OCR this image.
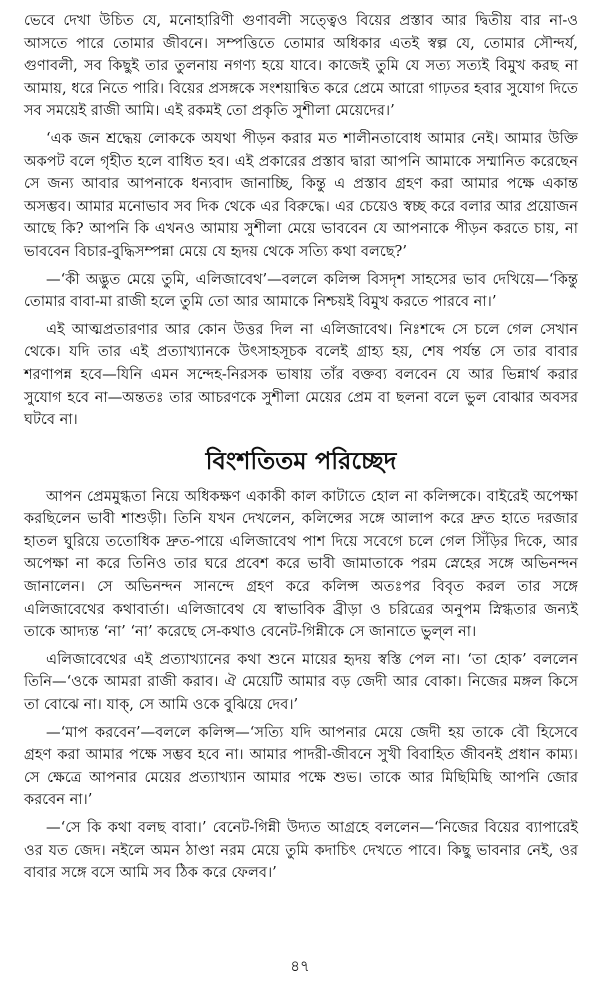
ভেবে দেখা উচিত যে, মনোহারিণী গুণাবলী সত্ত্বেও বিয়ের প্রস্তাব আর দ্বিতীয় বার না-ও আসতে পারে তোমার জীবনে। সম্পত্তিতে তোমার অধিকার এতই স্বল্প যে, তোমার সৌন্দর্য, গুণাবলী, সব কিছুই তার তুলনায় নগণ্য হয়ে যাবে। কাজেই তুমি যে সত্য সত্যই বিমুখ করছ না আমায়, ধরে নিতে পারি। বিয়ের প্রসঙ্গকে সংশয়ান্বিত করে প্রেমে আরো গাঢ়তর হবার সুযোগ দিতে সব সময়েই রাজী আমি। এই রকমই তো প্রকৃতি সুশীলা মেয়েদের।’

‘এক জন শ্রদ্ধেয় লোককে অযথা পীড়ন করার মত শালীনতাবোধ আমার নেই। আমার উক্তি অকপট বলে গৃহীত হলে বাধিত হব। এই প্রকারের প্রস্তাব দ্বারা আপনি আমাকে সম্মানিত করেছেন সে জন্য আবার আপনাকে ধন্যবাদ জানাচ্ছি, কিন্তু এ প্রস্তাব গ্রহণ করা আমার পক্ষে একান্ত অসম্ভব। আমার মনোভাব সব দিক থেকে এর বিরুদ্ধে। এর চেয়েও স্বচ্ছ করে বলার আর প্রয়োজন আছে কি? আপনি কি এখনও আমায় সুশীলা মেয়ে ভাববেন যে আপনাকে পীড়ন করতে চায়, না ভাববেন বিচার-বুদ্ধিসম্পন্না মেয়ে যে হৃদয় থেকে সত্যি কথা বলছে?’

—‘কী অদ্ভুত মেয়ে তুমি, এলিজাবেথ’—বললে কলিন্স বিসদৃশ সাহসের ভাব দেখিয়ে—‘কিন্তু তোমার বাবা-মা রাজী হলে তুমি তো আর আমাকে নিশ্চয়ই বিমুখ করতে পারবে না।’

এই আত্মপ্রতারণার আর কোন উত্তর দিল না এলিজাবেথ। নিঃশব্দে সে চলে গেল সেখান থেকে। যদি তার এই প্রত্যাখ্যানকে উৎসাহসূচক বলেই গ্রাহ্য হয়, শেষ পর্যন্ত সে তার বাবার শরণাপন্ন হবে—যিনি এমন সন্দেহ-নিরসক ভাষায় তাঁর বক্তব্য বলবেন যে আর ভিন্নার্থ করার সুযোগ হবে না—অন্ততঃ তার আচরণকে সুশীলা মেয়ের প্রেম বা ছলনা বলে ভুল বোঝার অবসর ঘটবে না।

বিংশতিতম পরিচ্ছেদ

আপন প্রেমমুগ্ধতা নিয়ে অধিকক্ষণ একাকী কাল কাটাতে হোল না কলিন্সকে। বাইরেই অপেক্ষা করছিলেন ভাবী শাশুড়ী। তিনি যখন দেখলেন, কলিন্সের সঙ্গে আলাপ করে দ্রুত হাতে দরজার হাতল ঘুরিয়ে ততোধিক দ্রুত-পায়ে এলিজাবেথ পাশ দিয়ে সবেগে চলে গেল সিঁড়ির দিকে, আর অপেক্ষা না করে তিনিও তার ঘরে প্রবেশ করে ভাবী জামাতাকে পরম স্নেহের সঙ্গে অভিনন্দন জানালেন। সে অভিনন্দন সানন্দে গ্রহণ করে কলিন্স অতঃপর বিবৃত করল তার সঙ্গে এলিজাবেথের কথাবার্তা। এলিজাবেথ যে স্বাভাবিক ব্রীড়া ও চরিত্রের অনুপম স্নিগ্ধতার জন্যই তাকে আদ্যন্ত ‘না’ ‘না’ করেছে সে-কথাও বেনেট-গিন্নীকে সে জানাতে ভুল্‌ল না।

এলিজাবেথের এই প্রত্যাখ্যানের কথা শুনে মায়ের হৃদয় স্বস্তি পেল না। ‘তা হোক’ বললেন তিনি—‘ওকে আমরা রাজী করাব। ঐ মেয়েটি আমার বড় জেদী আর বোকা। নিজের মঙ্গল কিসে তা বোঝে না। যাক্, সে আমি ওকে বুঝিয়ে দেব।’

—‘মাপ করবেন’—বললে কলিন্স—‘সত্যি যদি আপনার মেয়ে জেদী হয় তাকে বৌ হিসেবে গ্রহণ করা আমার পক্ষে সম্ভব হবে না। আমার পাদরী-জীবনে সুখী বিবাহিত জীবনই প্রধান কাম্য। সে ক্ষেত্রে আপনার মেয়ের প্রত্যাখ্যান আমার পক্ষে শুভ। তাকে আর মিছিমিছি আপনি জোর করবেন না।’

—‘সে কি কথা বলছ বাবা।’ বেনেট-গিন্নী উদ্যত আগ্রহে বললেন—‘নিজের বিয়ের ব্যাপারেই ওর যত জেদ। নইলে অমন ঠাণ্ডা নরম মেয়ে তুমি কদাচিৎ দেখতে পাবে। কিছু ভাবনার নেই, ওর বাবার সঙ্গে বসে আমি সব ঠিক করে ফেলব।’

৪৭
